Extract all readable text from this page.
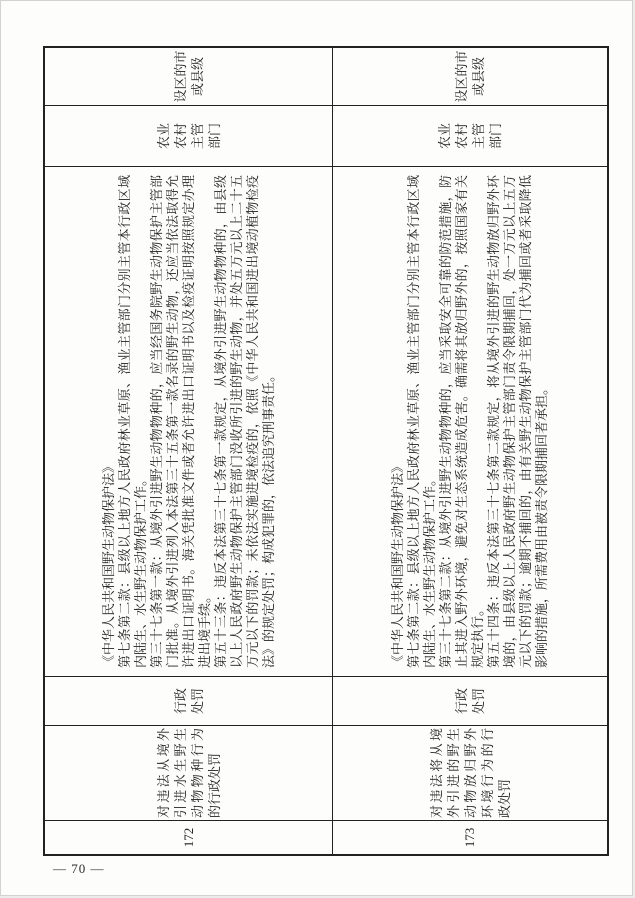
172
对违法从境外引进水生野生动物物种行为的行政处罚
行政处罚

《中华人民共和国野生动物保护法》 第七条第二款：县级以上地方人民政府林业草原、渔业主管部门分别主管本行政区域内陆生、水生野生动物保护工作。 第三十七条第一款：从境外引进野生动物物种的，应当经国务院野生动物保护主管部门批准。从境外引进列入本法第三十五条第一款名录的野生动物，还应当依法取得允许进出口证明书。海关凭批准文件或者允许进出口证明书以及检疫证明按照规定办理进出境手续。 第五十三条：违反本法第三十七条第一款规定，从境外引进野生动物物种的，由县级以上人民政府野生动物保护主管部门没收所引进的野生动物，并处五万元以上二十五万元以下的罚款；未依法实施进境检疫的，依照《中华人民共和国进出境动植物检疫法》的规定处罚；构成犯罪的，依法追究刑事责任。

农业农村主管部门
设区的市或县级
173
对违法将从境外引进的野生动物放归野外环境行为的行政处罚
行政处罚

《中华人民共和国野生动物保护法》 第七条第二款：县级以上地方人民政府林业草原、渔业主管部门分别主管本行政区域内陆生、水生野生动物保护工作。 第三十七条第二款：从境外引进野生动物物种的，应当采取安全可靠的防范措施，防止其进入野外环境，避免对生态系统造成危害。确需将其放归野外的，按照国家有关规定执行。 第五十四条：违反本法第三十七条第二款规定，将从境外引进的野生动物放归野外环境的，由县级以上人民政府野生动物保护主管部门责令限期捕回，处一万元以上五万元以下的罚款；逾期不捕回的，由有关野生动物保护主管部门代为捕回或者采取降低影响的措施，所需费用由被责令限期捕回者承担。

农业农村主管部门
设区的市或县级
— 70 —
